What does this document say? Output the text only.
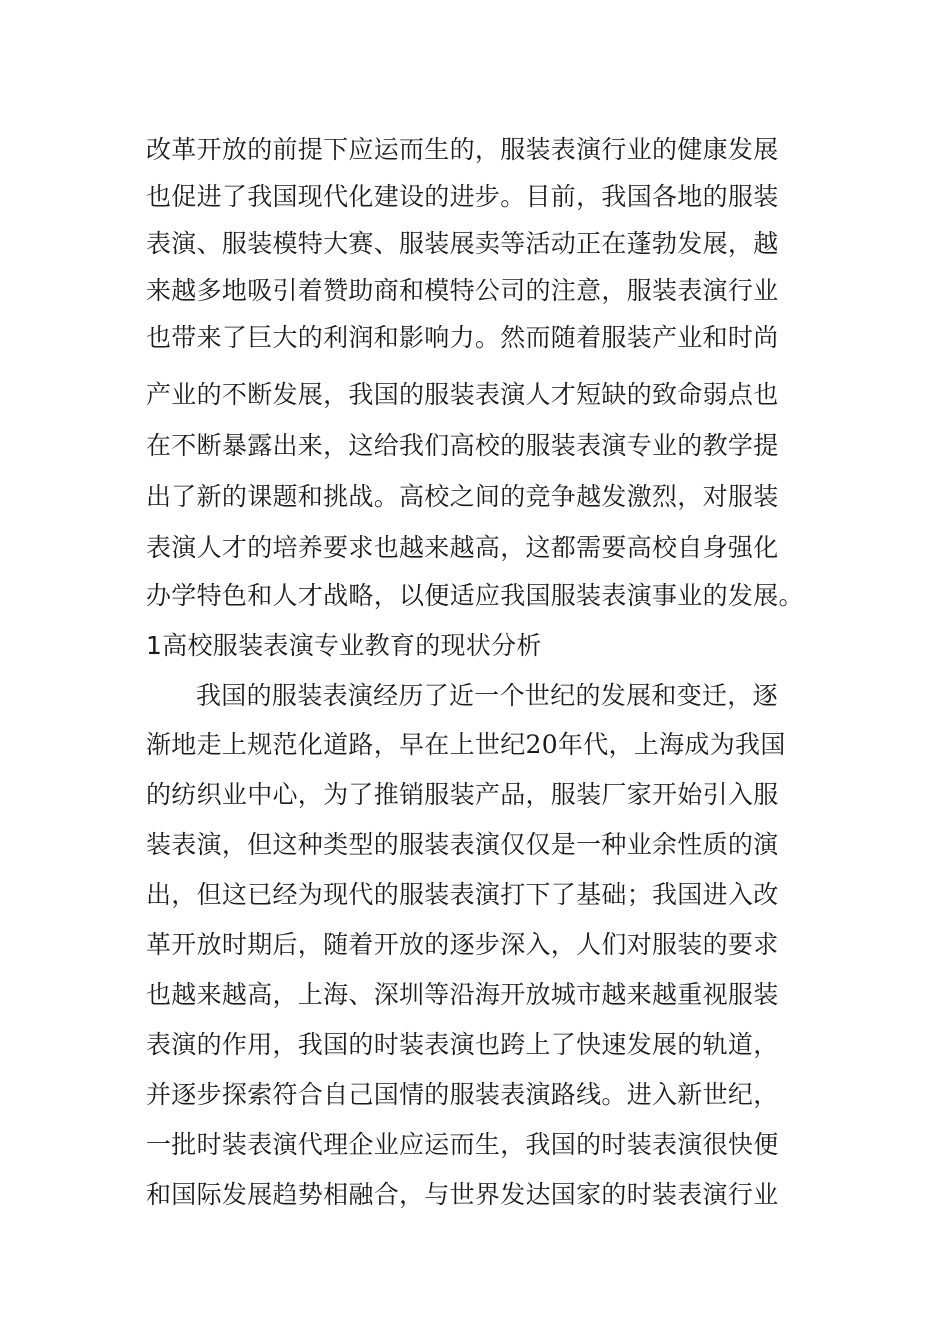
改革开放的前提下应运而生的，服装表演行业的健康发展
也促进了我国现代化建设的进步。目前，我国各地的服装
表演、服装模特大赛、服装展卖等活动正在蓬勃发展，越
来越多地吸引着赞助商和模特公司的注意，服装表演行业
也带来了巨大的利润和影响力。然而随着服装产业和时尚
产业的不断发展，我国的服装表演人才短缺的致命弱点也
在不断暴露出来，这给我们高校的服装表演专业的教学提
出了新的课题和挑战。高校之间的竞争越发激烈，对服装
表演人才的培养要求也越来越高，这都需要高校自身强化
办学特色和人才战略，以便适应我国服装表演事业的发展。
1高校服装表演专业教育的现状分析
我国的服装表演经历了近一个世纪的发展和变迁，逐
渐地走上规范化道路，早在上世纪20年代，上海成为我国
的纺织业中心，为了推销服装产品，服装厂家开始引入服
装表演，但这种类型的服装表演仅仅是一种业余性质的演
出，但这已经为现代的服装表演打下了基础；我国进入改
革开放时期后，随着开放的逐步深入，人们对服装的要求
也越来越高，上海、深圳等沿海开放城市越来越重视服装
表演的作用，我国的时装表演也跨上了快速发展的轨道，
并逐步探索符合自己国情的服装表演路线。进入新世纪，
一批时装表演代理企业应运而生，我国的时装表演很快便
和国际发展趋势相融合，与世界发达国家的时装表演行业
